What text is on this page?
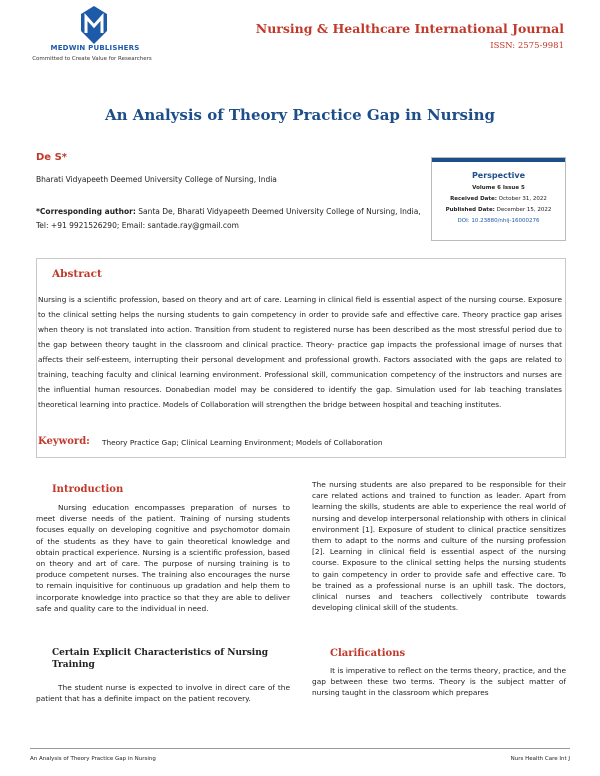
MEDWIN PUBLISHERS
Committed to Create Value for Researchers
Nursing & Healthcare International Journal
ISSN: 2575-9981
An Analysis of Theory Practice Gap in Nursing
De S*
Bharati Vidyapeeth Deemed University College of Nursing, India
*Corresponding author: Santa De, Bharati Vidyapeeth Deemed University College of Nursing, India, Tel: +91 9921526290; Email: santade.ray@gmail.com
Perspective
Volume 6 Issue 5
Received Date: October 31, 2022
Published Date: December 15, 2022
DOI: 10.23880/nhij-16000276
Abstract
Nursing is a scientific profession, based on theory and art of care. Learning in clinical field is essential aspect of the nursing course. Exposure to the clinical setting helps the nursing students to gain competency in order to provide safe and effective care. Theory practice gap arises when theory is not translated into action. Transition from student to registered nurse has been described as the most stressful period due to the gap between theory taught in the classroom and clinical practice. Theory- practice gap impacts the professional image of nurses that affects their self-esteem, interrupting their personal development and professional growth. Factors associated with the gaps are related to training, teaching faculty and clinical learning environment. Professional skill, communication competency of the instructors and nurses are the influential human resources. Donabedian model may be considered to identify the gap. Simulation used for lab teaching translates theoretical learning into practice. Models of Collaboration will strengthen the bridge between hospital and teaching institutes.
Keyword: Theory Practice Gap; Clinical Learning Environment; Models of Collaboration
Introduction
Nursing education encompasses preparation of nurses to meet diverse needs of the patient. Training of nursing students focuses equally on developing cognitive and psychomotor domain of the students as they have to gain theoretical knowledge and obtain practical experience. Nursing is a scientific profession, based on theory and art of care. The purpose of nursing training is to produce competent nurses. The training also encourages the nurse to remain inquisitive for continuous up gradation and help them to incorporate knowledge into practice so that they are able to deliver safe and quality care to the individual in need.
Certain Explicit Characteristics of Nursing Training
The student nurse is expected to involve in direct care of the patient that has a definite impact on the patient recovery.
The nursing students are also prepared to be responsible for their care related actions and trained to function as leader. Apart from learning the skills, students are able to experience the real world of nursing and develop interpersonal relationship with others in clinical environment [1]. Exposure of student to clinical practice sensitizes them to adapt to the norms and culture of the nursing profession [2]. Learning in clinical field is essential aspect of the nursing course. Exposure to the clinical setting helps the nursing students to gain competency in order to provide safe and effective care. To be trained as a professional nurse is an uphill task. The doctors, clinical nurses and teachers collectively contribute towards developing clinical skill of the students.
Clarifications
It is imperative to reflect on the terms theory, practice, and the gap between these two terms. Theory is the subject matter of nursing taught in the classroom which prepares
An Analysis of Theory Practice Gap in Nursing	Nurs Health Care Int J
